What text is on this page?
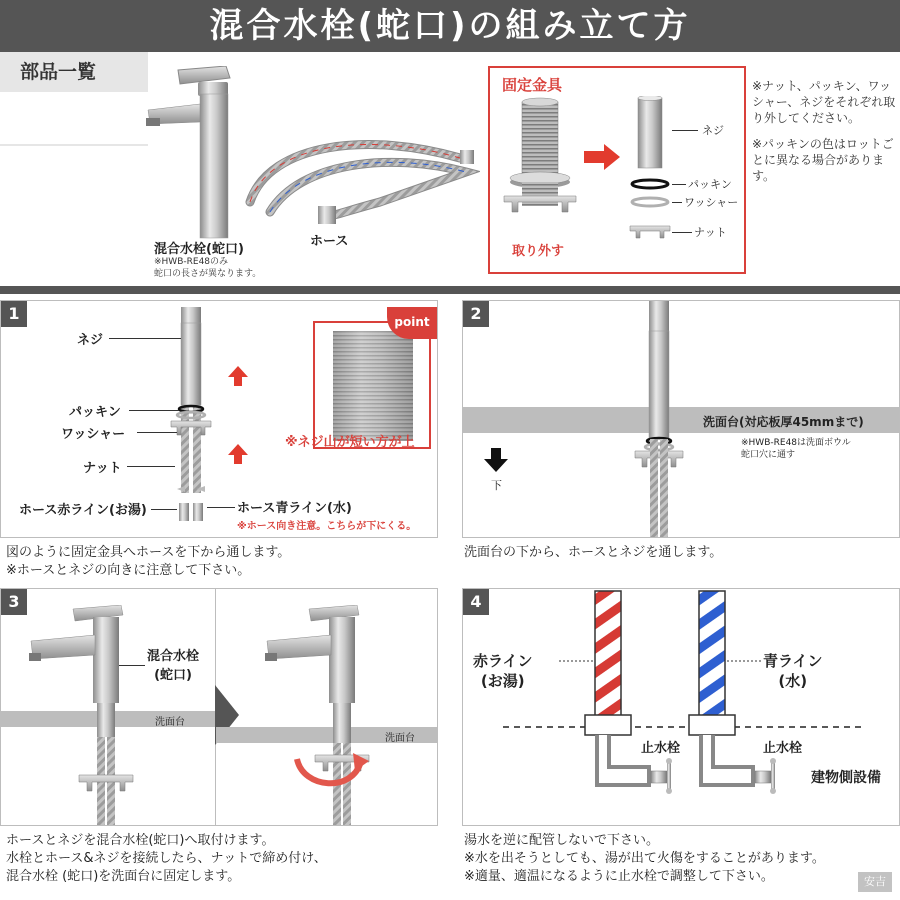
混合水栓(蛇口)の組み立て方
部品一覧
混合水栓(蛇口)
※HWB-RE48のみ
蛇口の長さが異なります。
ホース
固定金具
取り外す
ネジ
パッキン
ワッシャー
ナット

※ナット、パッキン、ワッシャー、ネジをそれぞれ取り外してください。

※パッキンの色はロットごとに異なる場合があります。

1
ネジ
パッキン
ワッシャー
ナット
ホース赤ライン(お湯)	ホース青ライン(水)
※ホース向き注意。こちらが下にくる。
point
※ネジ山が短い方が上
図のように固定金具へホースを下から通します。
※ホースとネジの向きに注意して下さい。
2
洗面台(対応板厚45mmまで)
※HWB-RE48は洗面ボウル
蛇口穴に通す
下
洗面台の下から、ホースとネジを通します。
3
洗面台
混合水栓
(蛇口)
洗面台
ホースとネジを混合水栓(蛇口)へ取付けます。
水栓とホース&ネジを接続したら、ナットで締め付け、
混合水栓 (蛇口)を洗面台に固定します。
4
赤ライン
(お湯)
青ライン
(水)
止水栓	止水栓
建物側設備
湯水を逆に配管しないで下さい。
※水を出そうとしても、湯が出て火傷をすることがあります。
※適量、適温になるように止水栓で調整して下さい。	安吉
